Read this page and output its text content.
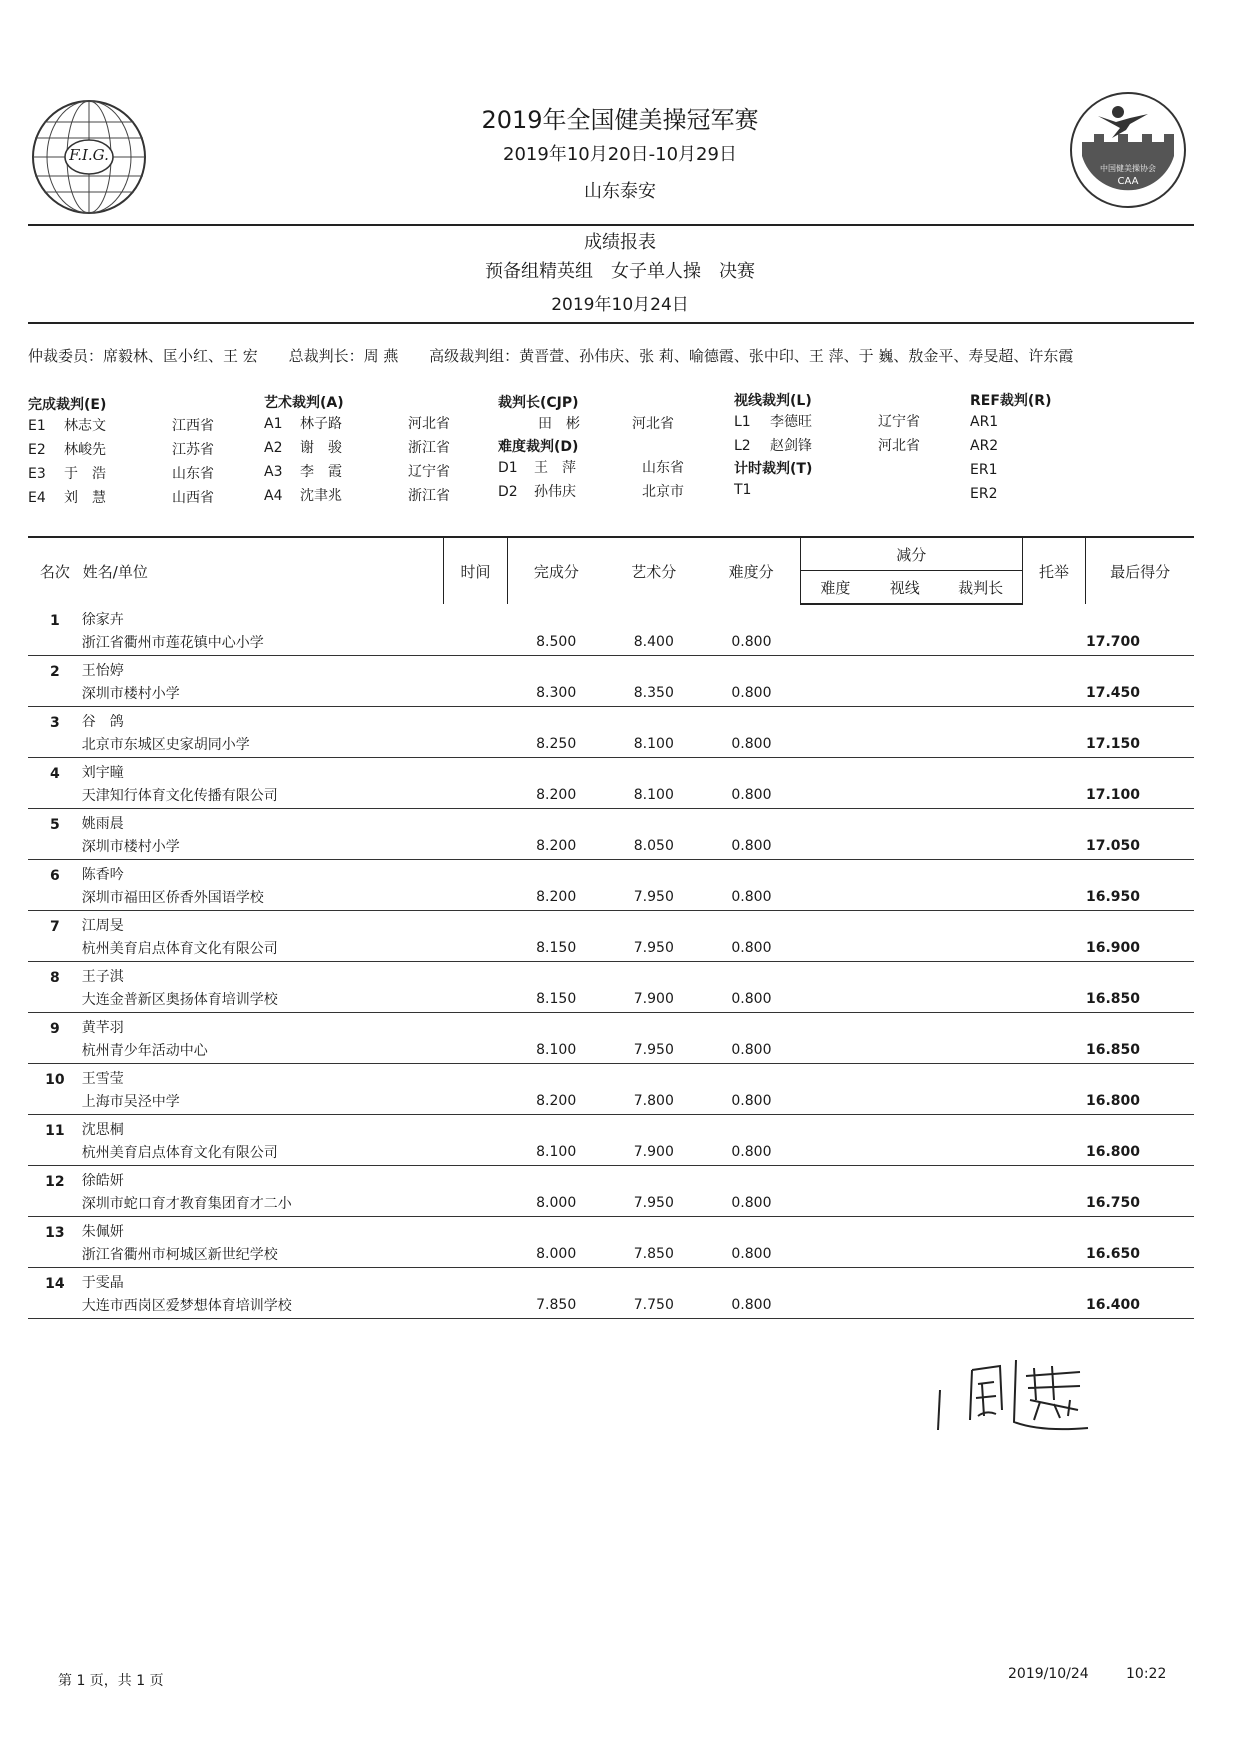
F.I.G.
中国健美操协会
CAA
2019年全国健美操冠军赛
2019年10月20日-10月29日
山东泰安
成绩报表
预备组精英组　女子单人操　决赛
2019年10月24日
仲裁委员：席毅林、匡小红、王 宏 总裁判长：周 燕 高级裁判组：黄晋萱、孙伟庆、张 莉、喻德霞、张中印、王 萍、于 巍、敖金平、寿旻超、许东霞
完成裁判(E)
E1 林志文	江西省
E2 林峻先	江苏省
E3 于　浩	山东省
E4 刘　慧	山西省
艺术裁判(A)
A1 林子路	河北省
A2 谢　骏	浙江省
A3 李　霞	辽宁省
A4 沈聿兆	浙江省
裁判长(CJP)
田　彬	河北省
难度裁判(D)
D1 王　萍	山东省
D2 孙伟庆	北京市
视线裁判(L)
L1 李德旺	辽宁省
L2 赵剑锋	河北省
计时裁判(T)
T1
REF裁判(R)
AR1
AR2
ER1
ER2
名次	姓名/单位	时间	完成分	艺术分	难度分	减分			托举	最后得分
						难度	视线	裁判长		
1	徐家卉									
	浙江省衢州市莲花镇中心小学		8.500	8.400	0.800					17.700
2	王怡婷									
	深圳市楼村小学		8.300	8.350	0.800					17.450
3	谷　鸽									
	北京市东城区史家胡同小学		8.250	8.100	0.800					17.150
4	刘宇瞳									
	天津知行体育文化传播有限公司		8.200	8.100	0.800					17.100
5	姚雨晨									
	深圳市楼村小学		8.200	8.050	0.800					17.050
6	陈香吟									
	深圳市福田区侨香外国语学校		8.200	7.950	0.800					16.950
7	江周旻									
	杭州美育启点体育文化有限公司		8.150	7.950	0.800					16.900
8	王子淇									
	大连金普新区奥扬体育培训学校		8.150	7.900	0.800					16.850
9	黄芊羽									
	杭州青少年活动中心		8.100	7.950	0.800					16.850
10	王雪莹									
	上海市吴泾中学		8.200	7.800	0.800					16.800
11	沈思桐									
	杭州美育启点体育文化有限公司		8.100	7.900	0.800					16.800
12	徐皓妍									
	深圳市蛇口育才教育集团育才二小		8.000	7.950	0.800					16.750
13	朱佩妍									
	浙江省衢州市柯城区新世纪学校		8.000	7.850	0.800					16.650
14	于雯晶									
	大连市西岗区爱梦想体育培训学校		7.850	7.750	0.800					16.400
第 1 页，共 1 页	2019/10/24	10:22
